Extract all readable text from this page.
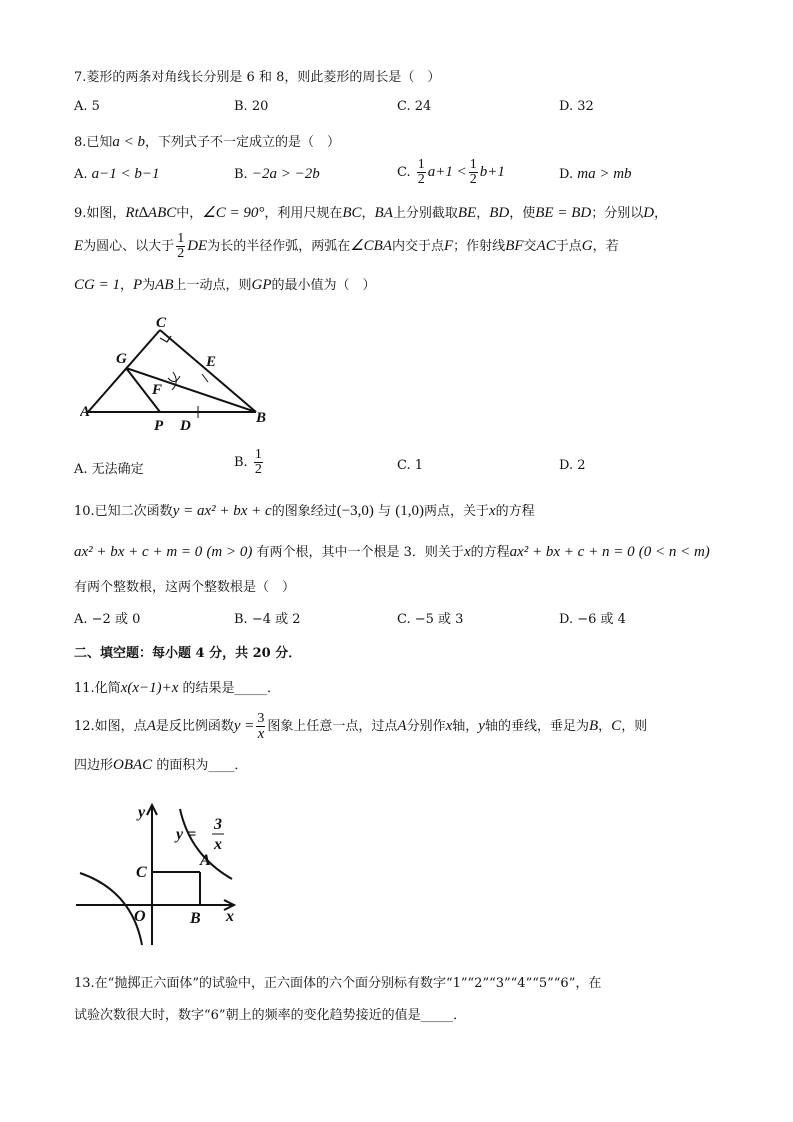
7.菱形的两条对角线长分别是 6 和 8，则此菱形的周长是（　）
A. 5	B. 20	C. 24	D. 32
8.已知a < b，下列式子不一定成立的是（　）
A. a−1 < b−1	B. −2a > −2b	C. $\frac{1}{2} a+1 < \frac{1}{2} b+1$	D. ma > mb
9.如图，Rt∆ABC中，∠C = 90°，利用尺规在BC，BA上分别截取BE，BD，使BE = BD；分别以D，
E为圆心、以大于 $\frac{1}{2}$ DE为长的半径作弧，两弧在∠CBA内交于点F；作射线BF交AC于点G，若
CG = 1，P为AB上一动点，则GP的最小值为（　）
C
G	E
F
A
P D	B
A. 无法确定	B. $\frac{1}{2}$	C. 1	D. 2
10.已知二次函数y = ax² + bx + c的图象经过(−3,0) 与 (1,0)两点，关于x的方程
ax² + bx + c + m = 0 (m > 0) 有两个根，其中一个根是 3．则关于x的方程ax² + bx + c + n = 0 (0 < n < m)
有两个整数根，这两个整数根是（　）
A. −2 或 0	B. −4 或 2	C. −5 或 3	D. −6 或 4
二、填空题：每小题 4 分，共 20 分．
11.化简x(x−1)+x 的结果是_____．
12.如图，点A是反比例函数$y = \frac{3}{x}$ 图象上任意一点，过点A分别作x轴，y轴的垂线，垂足为B，C，则
四边形OBAC 的面积为____．
y
y =
3
x
C
A
O	B x
13.在“抛掷正六面体”的试验中，正六面体的六个面分别标有数字“1”“2”“3”“4”“5”“6”，在
试验次数很大时，数字“6”朝上的频率的变化趋势接近的值是_____．
